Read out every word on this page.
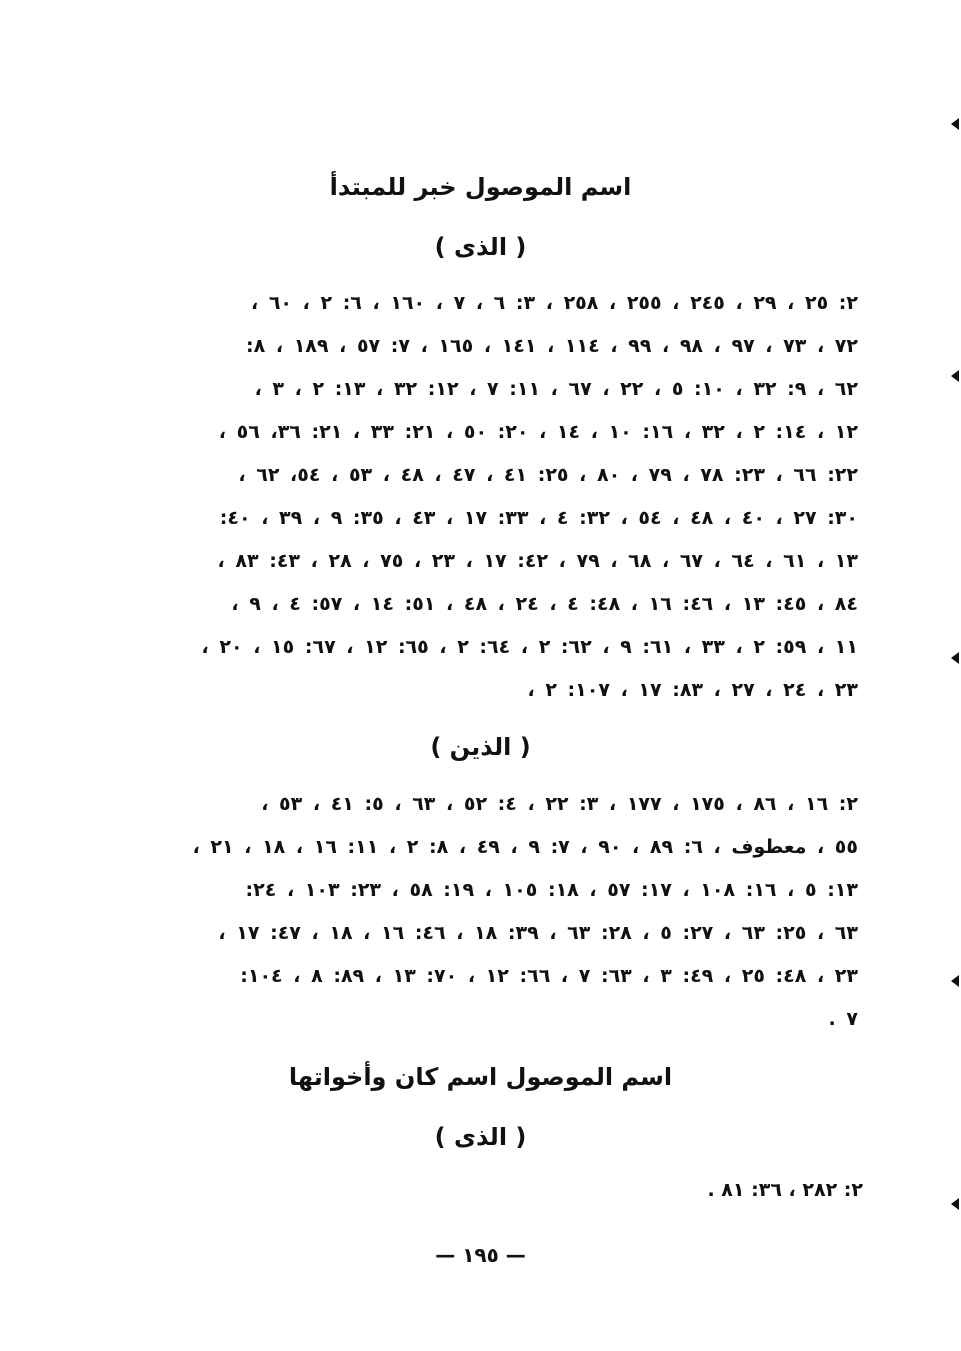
اسم الموصول خبر للمبتدأ
( الذى )
٢: ٢٥ ، ٢٩ ، ٢٤٥ ، ٢٥٥ ، ٢٥٨ ، ٣: ٦ ، ٧ ، ١٦٠ ، ٦: ٢ ، ٦٠ ،
٧٢ ، ٧٣ ، ٩٧ ، ٩٨ ، ٩٩ ، ١١٤ ، ١٤١ ، ١٦٥ ، ٧: ٥٧ ، ١٨٩ ، ٨:
٦٢ ، ٩: ٣٢ ، ١٠: ٥ ، ٢٢ ، ٦٧ ، ١١: ٧ ، ١٢: ٣٢ ، ١٣: ٢ ، ٣ ،
١٢ ، ١٤: ٢ ، ٣٢ ، ١٦: ١٠ ، ١٤ ، ٢٠: ٥٠ ، ٢١: ٣٣ ، ٢١: ٣٦، ٥٦ ،
٢٢: ٦٦ ، ٢٣: ٧٨ ، ٧٩ ، ٨٠ ، ٢٥: ٤١ ، ٤٧ ، ٤٨ ، ٥٣ ، ٥٤، ٦٢ ،
٣٠: ٢٧ ، ٤٠ ، ٤٨ ، ٥٤ ، ٣٢: ٤ ، ٣٣: ١٧ ، ٤٣ ، ٣٥: ٩ ، ٣٩ ، ٤٠:
١٣ ، ٦١ ، ٦٤ ، ٦٧ ، ٦٨ ، ٧٩ ، ٤٢: ١٧ ، ٢٣ ، ٧٥ ، ٢٨ ، ٤٣: ٨٣ ،
٨٤ ، ٤٥: ١٣ ، ٤٦: ١٦ ، ٤٨: ٤ ، ٢٤ ، ٤٨ ، ٥١: ١٤ ، ٥٧: ٤ ، ٩ ،
١١ ، ٥٩: ٢ ، ٣٣ ، ٦١: ٩ ، ٦٢: ٢ ، ٦٤: ٢ ، ٦٥: ١٢ ، ٦٧: ١٥ ، ٢٠ ،
٢٣ ، ٢٤ ، ٢٧ ، ٨٣: ١٧ ، ١٠٧: ٢ ،
( الذين )
٢: ١٦ ، ٨٦ ، ١٧٥ ، ١٧٧ ، ٣: ٢٢ ، ٤: ٥٢ ، ٦٣ ، ٥: ٤١ ، ٥٣ ،
٥٥ ، معطوف ، ٦: ٨٩ ، ٩٠ ، ٧: ٩ ، ٤٩ ، ٨: ٢ ، ١١: ١٦ ، ١٨ ، ٢١ ،
١٣: ٥ ، ١٦: ١٠٨ ، ١٧: ٥٧ ، ١٨: ١٠٥ ، ١٩: ٥٨ ، ٢٣: ١٠٣ ، ٢٤:
٦٣ ، ٢٥: ٦٣ ، ٢٧: ٥ ، ٢٨: ٦٣ ، ٣٩: ١٨ ، ٤٦: ١٦ ، ١٨ ، ٤٧: ١٧ ،
٢٣ ، ٤٨: ٢٥ ، ٤٩: ٣ ، ٦٣: ٧ ، ٦٦: ١٢ ، ٧٠: ١٣ ، ٨٩: ٨ ، ١٠٤:
٧ .
اسم الموصول اسم كان وأخواتها
( الذى )

٢: ٢٨٢ ، ٣٦: ٨١ .

— ١٩٥ —
